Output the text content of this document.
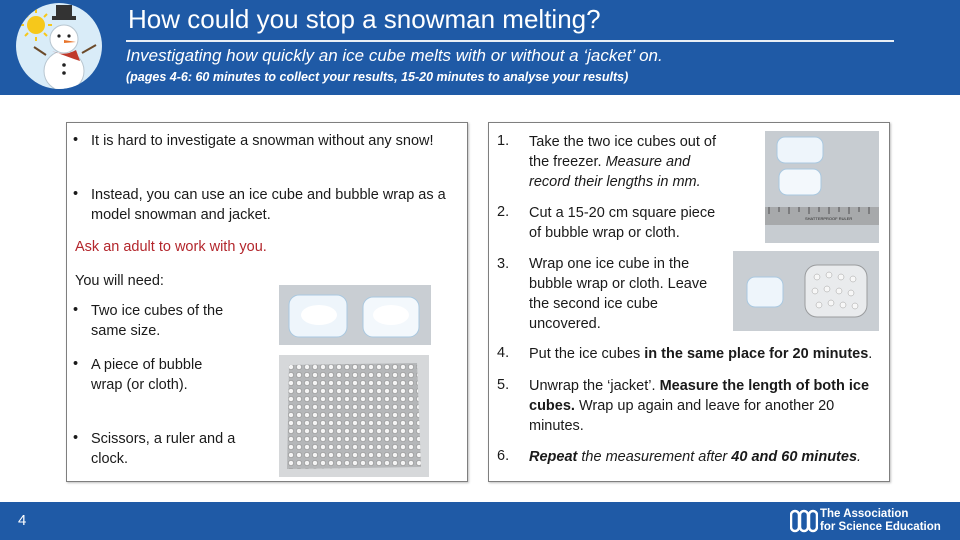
How could you stop a snowman melting?
Investigating how quickly an ice cube melts with or without a ‘jacket’ on.
(pages 4-6: 60 minutes to collect your results, 15-20 minutes to analyse your results)
• It is hard to investigate a snowman without any snow!
• Instead, you can use an ice cube and bubble wrap as a model snowman and jacket.
Ask an adult to work with you.
You will need:
• Two ice cubes of the same size.
• A piece of bubble wrap (or cloth).
• Scissors, a ruler and a clock.
1. Take the two ice cubes out of the freezer. Measure and record their lengths in mm.
2. Cut a 15-20 cm square piece of bubble wrap or cloth.
3. Wrap one ice cube in the bubble wrap or cloth. Leave the second ice cube uncovered.
4. Put the ice cubes in the same place for 20 minutes.
5. Unwrap the ‘jacket’. Measure the length of both ice cubes. Wrap up again and leave for another 20 minutes.
6. Repeat the measurement after 40 and 60 minutes.
SHATTERPROOF RULER
4	The Association
for Science Education
